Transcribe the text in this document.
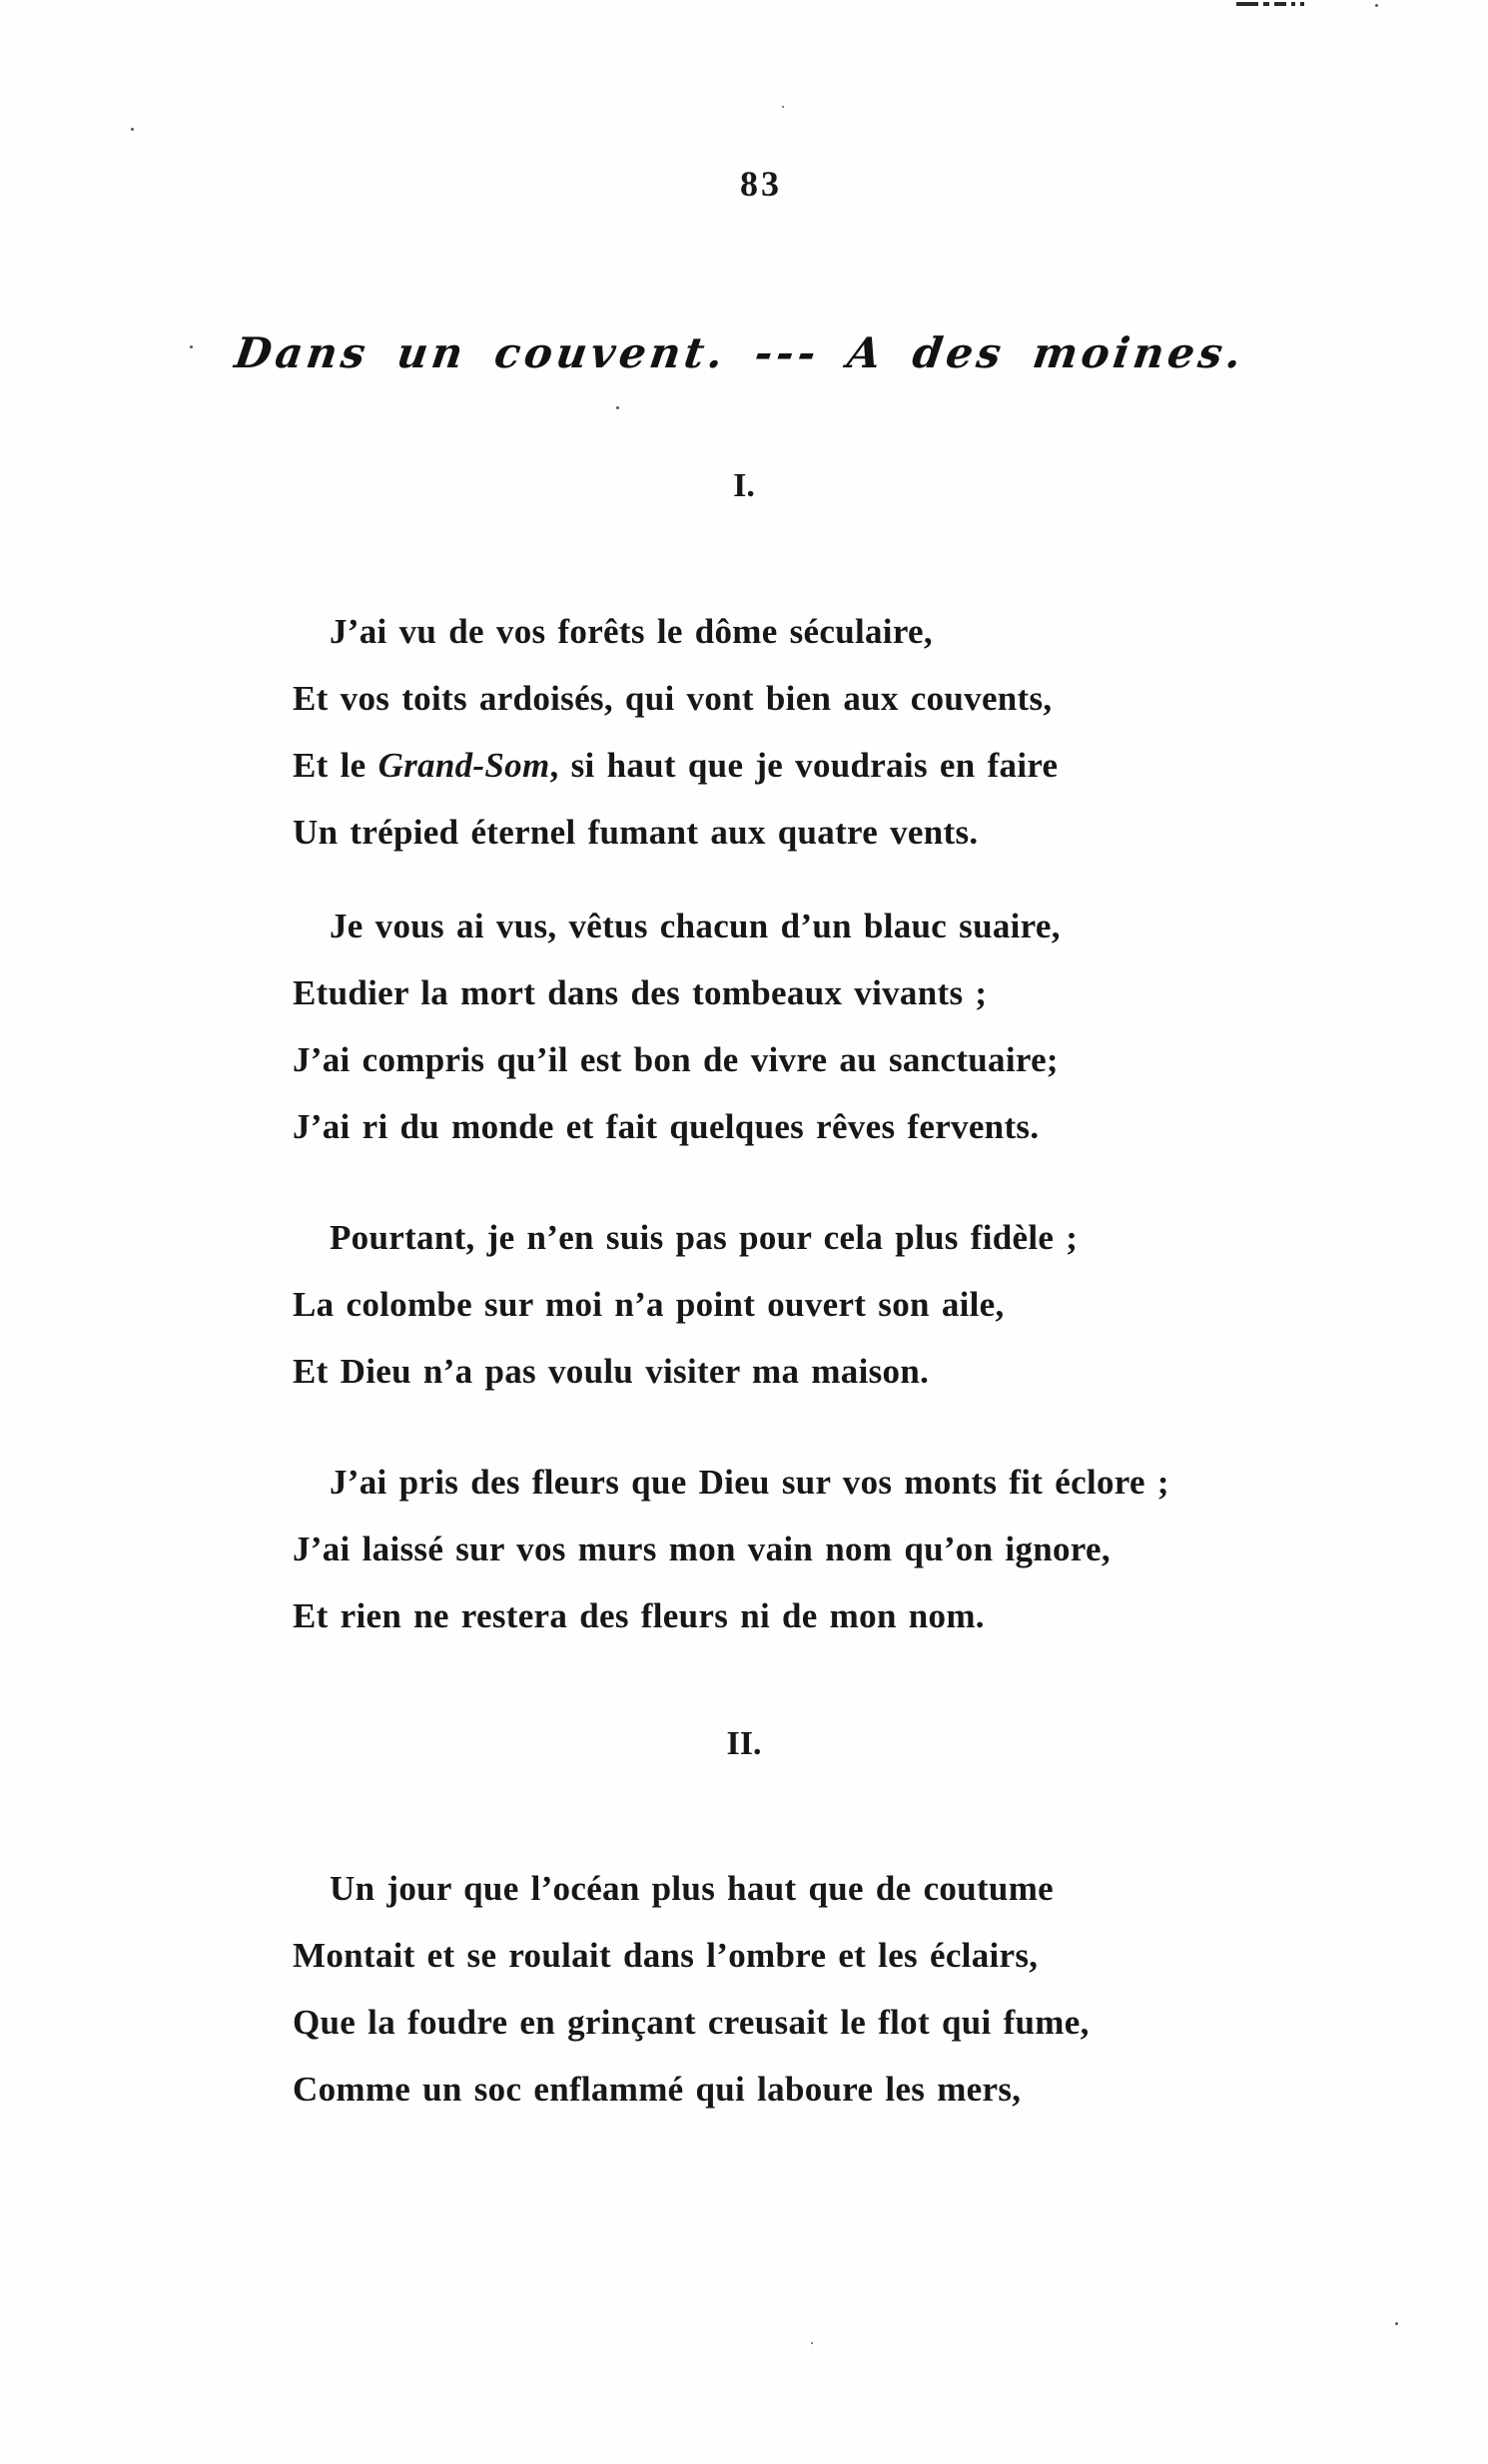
83
Dans un couvent. --- A des moines.
I.
J’ai vu de vos forêts le dôme séculaire,
Et vos toits ardoisés, qui vont bien aux couvents,
Et le Grand-Som, si haut que je voudrais en faire
Un trépied éternel fumant aux quatre vents.
Je vous ai vus, vêtus chacun d’un blauc suaire,
Etudier la mort dans des tombeaux vivants ;
J’ai compris qu’il est bon de vivre au sanctuaire;
J’ai ri du monde et fait quelques rêves fervents.
Pourtant, je n’en suis pas pour cela plus fidèle ;
La colombe sur moi n’a point ouvert son aile,
Et Dieu n’a pas voulu visiter ma maison.
J’ai pris des fleurs que Dieu sur vos monts fit éclore ;
J’ai laissé sur vos murs mon vain nom qu’on ignore,
Et rien ne restera des fleurs ni de mon nom.
II.
Un jour que l’océan plus haut que de coutume
Montait et se roulait dans l’ombre et les éclairs,
Que la foudre en grinçant creusait le flot qui fume,
Comme un soc enflammé qui laboure les mers,
